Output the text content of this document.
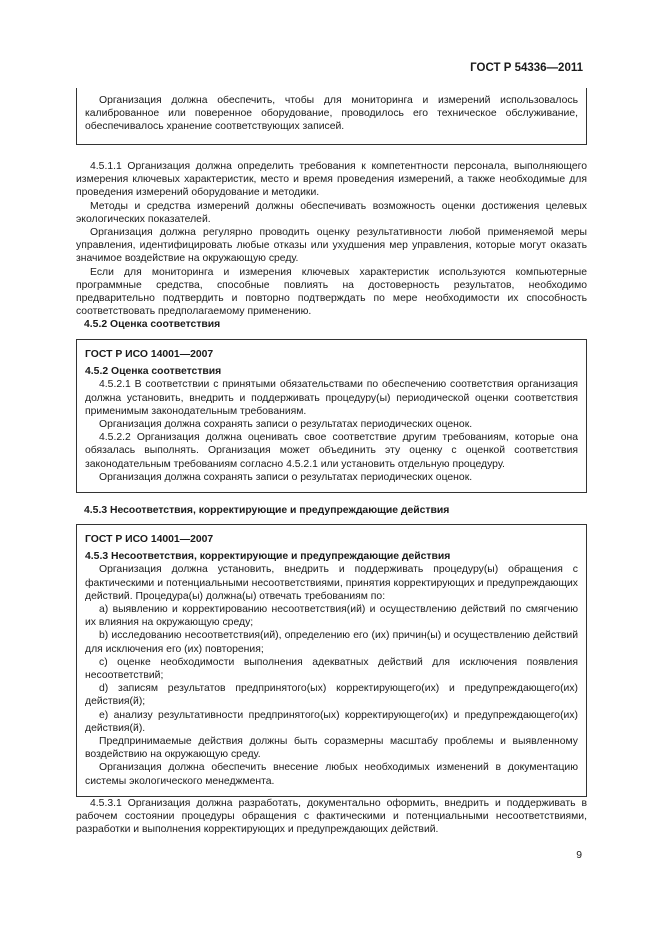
ГОСТ Р 54336—2011

Организация должна обеспечить, чтобы для мониторинга и измерений использовалось калиброванное или поверенное оборудование, проводилось его техническое обслуживание, обеспечивалось хранение соответствующих записей.

4.5.1.1 Организация должна определить требования к компетентности персонала, выполняющего измерения ключевых характеристик, место и время проведения измерений, а также необходимые для проведения измерений оборудование и методики.

Методы и средства измерений должны обеспечивать возможность оценки достижения целевых экологических показателей.

Организация должна регулярно проводить оценку результативности любой применяемой меры управления, идентифицировать любые отказы или ухудшения мер управления, которые могут оказать значимое воздействие на окружающую среду.

Если для мониторинга и измерения ключевых характеристик используются компьютерные программные средства, способные повлиять на достоверность результатов, необходимо предварительно подтвердить и повторно подтверждать по мере необходимости их способность соответствовать предполагаемому применению.

4.5.2 Оценка соответствия

ГОСТ Р ИСО 14001—2007

4.5.2 Оценка соответствия

4.5.2.1 В соответствии с принятыми обязательствами по обеспечению соответствия организация должна установить, внедрить и поддерживать процедуру(ы) периодической оценки соответствия применимым законодательным требованиям.

Организация должна сохранять записи о результатах периодических оценок.

4.5.2.2 Организация должна оценивать свое соответствие другим требованиям, которые она обязалась выполнять. Организация может объединить эту оценку с оценкой соответствия законодательным требованиям согласно 4.5.2.1 или установить отдельную процедуру.

Организация должна сохранять записи о результатах периодических оценок.

4.5.3 Несоответствия, корректирующие и предупреждающие действия

ГОСТ Р ИСО 14001—2007

4.5.3 Несоответствия, корректирующие и предупреждающие действия

Организация должна установить, внедрить и поддерживать процедуру(ы) обращения с фактическими и потенциальными несоответствиями, принятия корректирующих и предупреждающих действий. Процедура(ы) должна(ы) отвечать требованиям по:

a) выявлению и корректированию несоответствия(ий) и осуществлению действий по смягчению их влияния на окружающую среду;

b) исследованию несоответствия(ий), определению его (их) причин(ы) и осуществлению действий для исключения его (их) повторения;

c) оценке необходимости выполнения адекватных действий для исключения появления несоответствий;

d) записям результатов предпринятого(ых) корректирующего(их) и предупреждающего(их) действия(й);

e) анализу результативности предпринятого(ых) корректирующего(их) и предупреждающего(их) действия(й).

Предпринимаемые действия должны быть соразмерны масштабу проблемы и выявленному воздействию на окружающую среду.

Организация должна обеспечить внесение любых необходимых изменений в документацию системы экологического менеджмента.

4.5.3.1 Организация должна разработать, документально оформить, внедрить и поддерживать в рабочем состоянии процедуры обращения с фактическими и потенциальными несоответствиями, разработки и выполнения корректирующих и предупреждающих действий.

9
